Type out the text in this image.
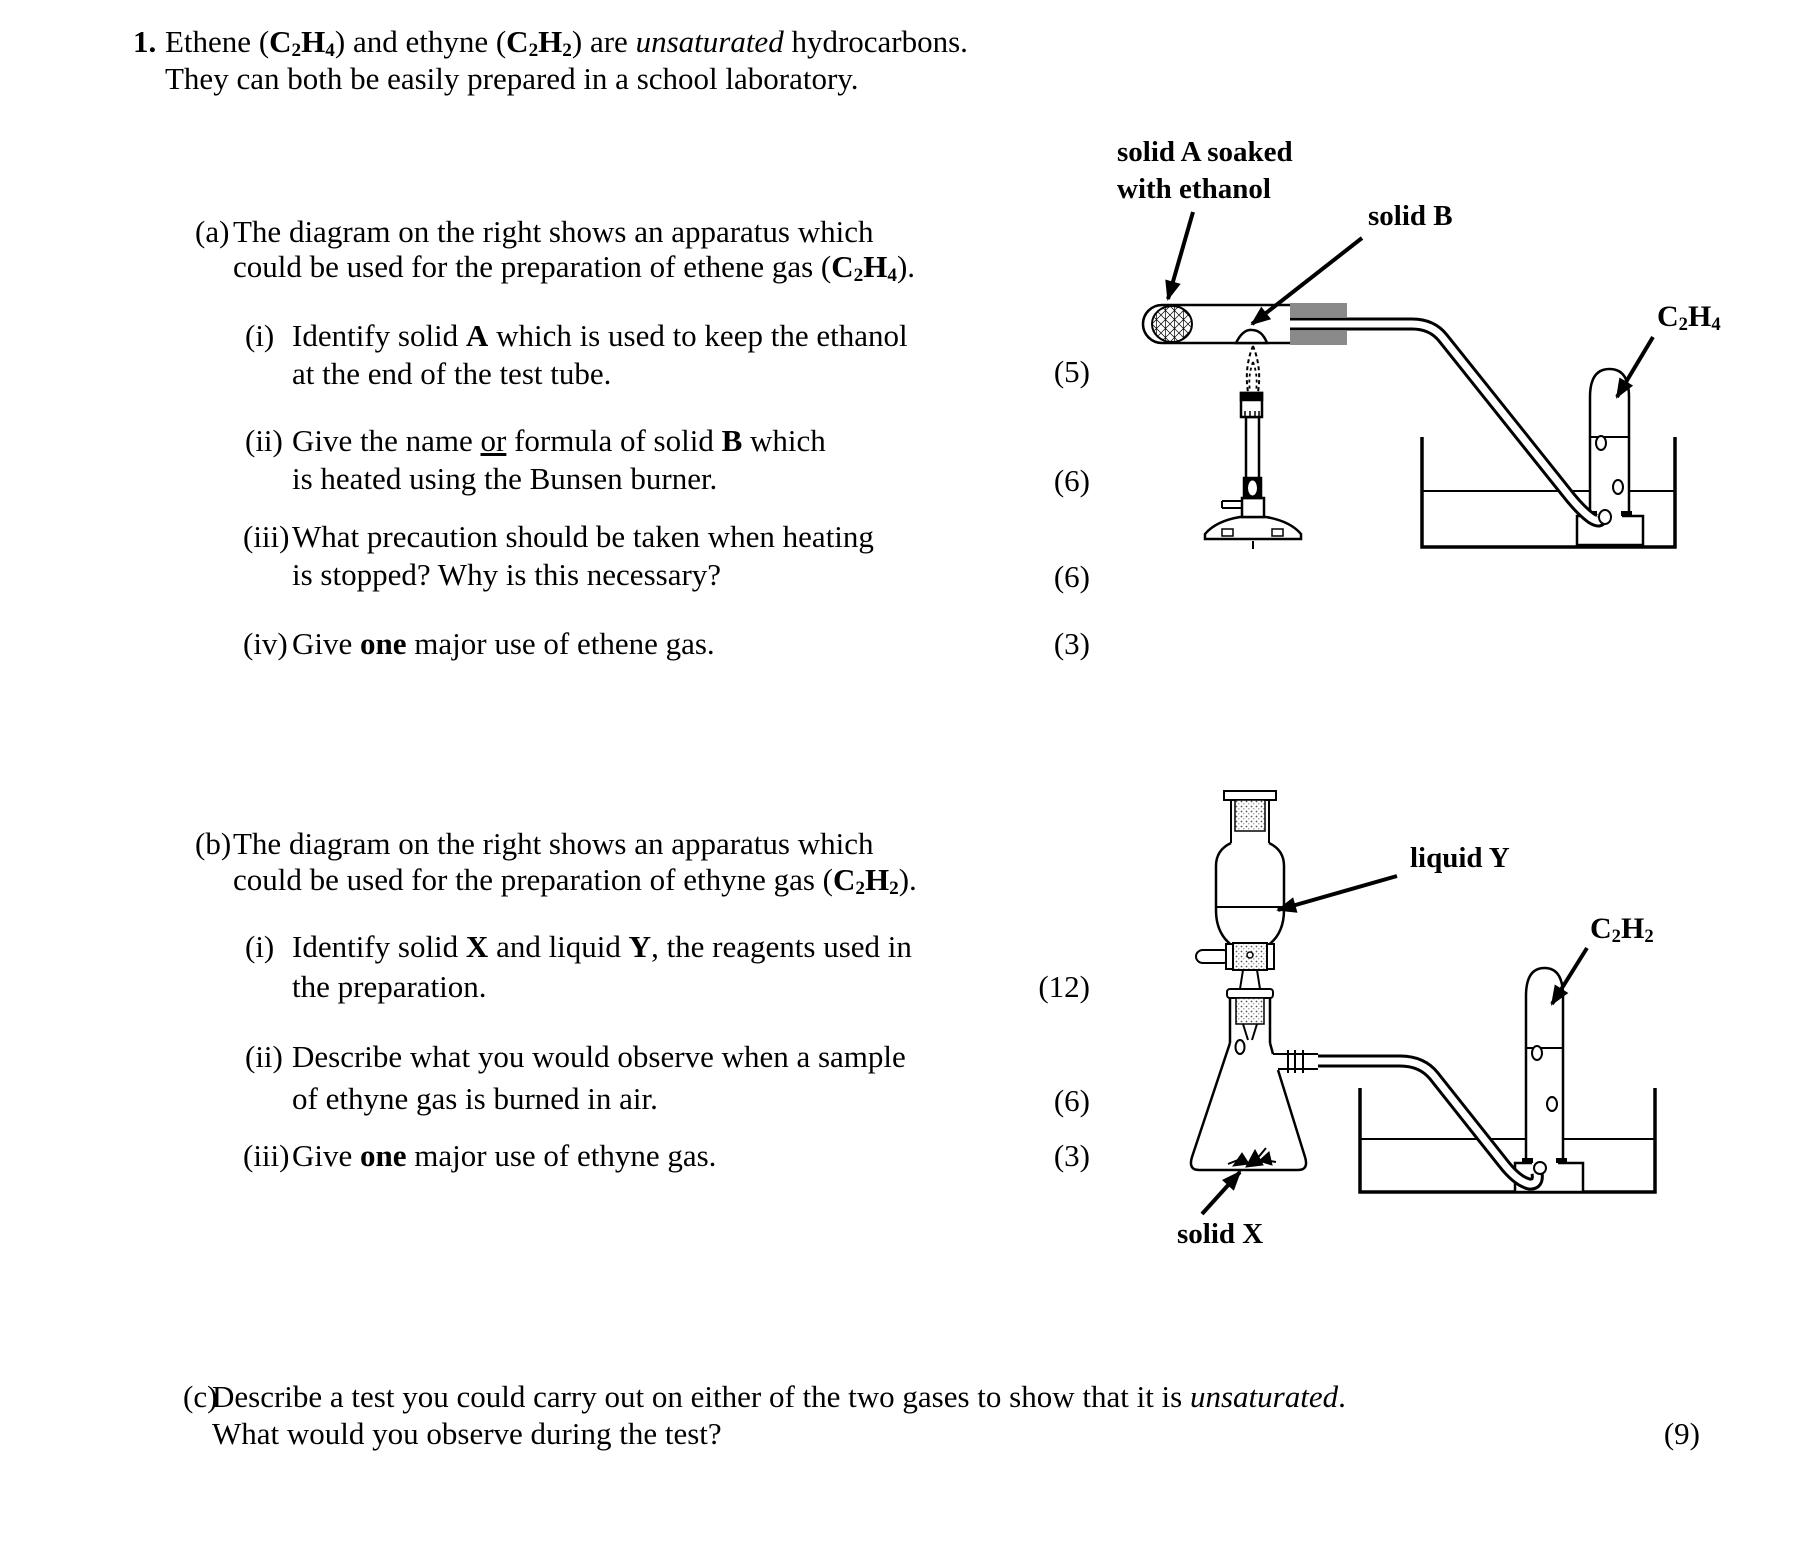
1. Ethene $(C_2H_4)$ and ethyne $(C_2H_2)$ are unsaturated hydrocarbons.
They can both be easily prepared in a school laboratory.
(a) The diagram on the right shows an apparatus which
could be used for the preparation of ethene gas $(C_2H_4)$.
(i) Identify solid A which is used to keep the ethanol
at the end of the test tube.	(5)
(ii) Give the name or formula of solid B which
is heated using the Bunsen burner.	(6)
(iii) What precaution should be taken when heating
is stopped? Why is this necessary?	(6)
(iv) Give one major use of ethene gas.	(3)
(b) The diagram on the right shows an apparatus which
could be used for the preparation of ethyne gas $(C_2H_2)$.
(i) Identify solid X and liquid Y, the reagents used in
the preparation.	(12)
(ii) Describe what you would observe when a sample
of ethyne gas is burned in air.	(6)
(iii) Give one major use of ethyne gas.	(3)
(c)
Describe a test you could carry out on either of the two gases to show that it is unsaturated.
What would you observe during the test?	(9)
solid A soaked
with ethanol
solid B
$C_2H_4$
liquid Y
$C_2H_2$
solid X
